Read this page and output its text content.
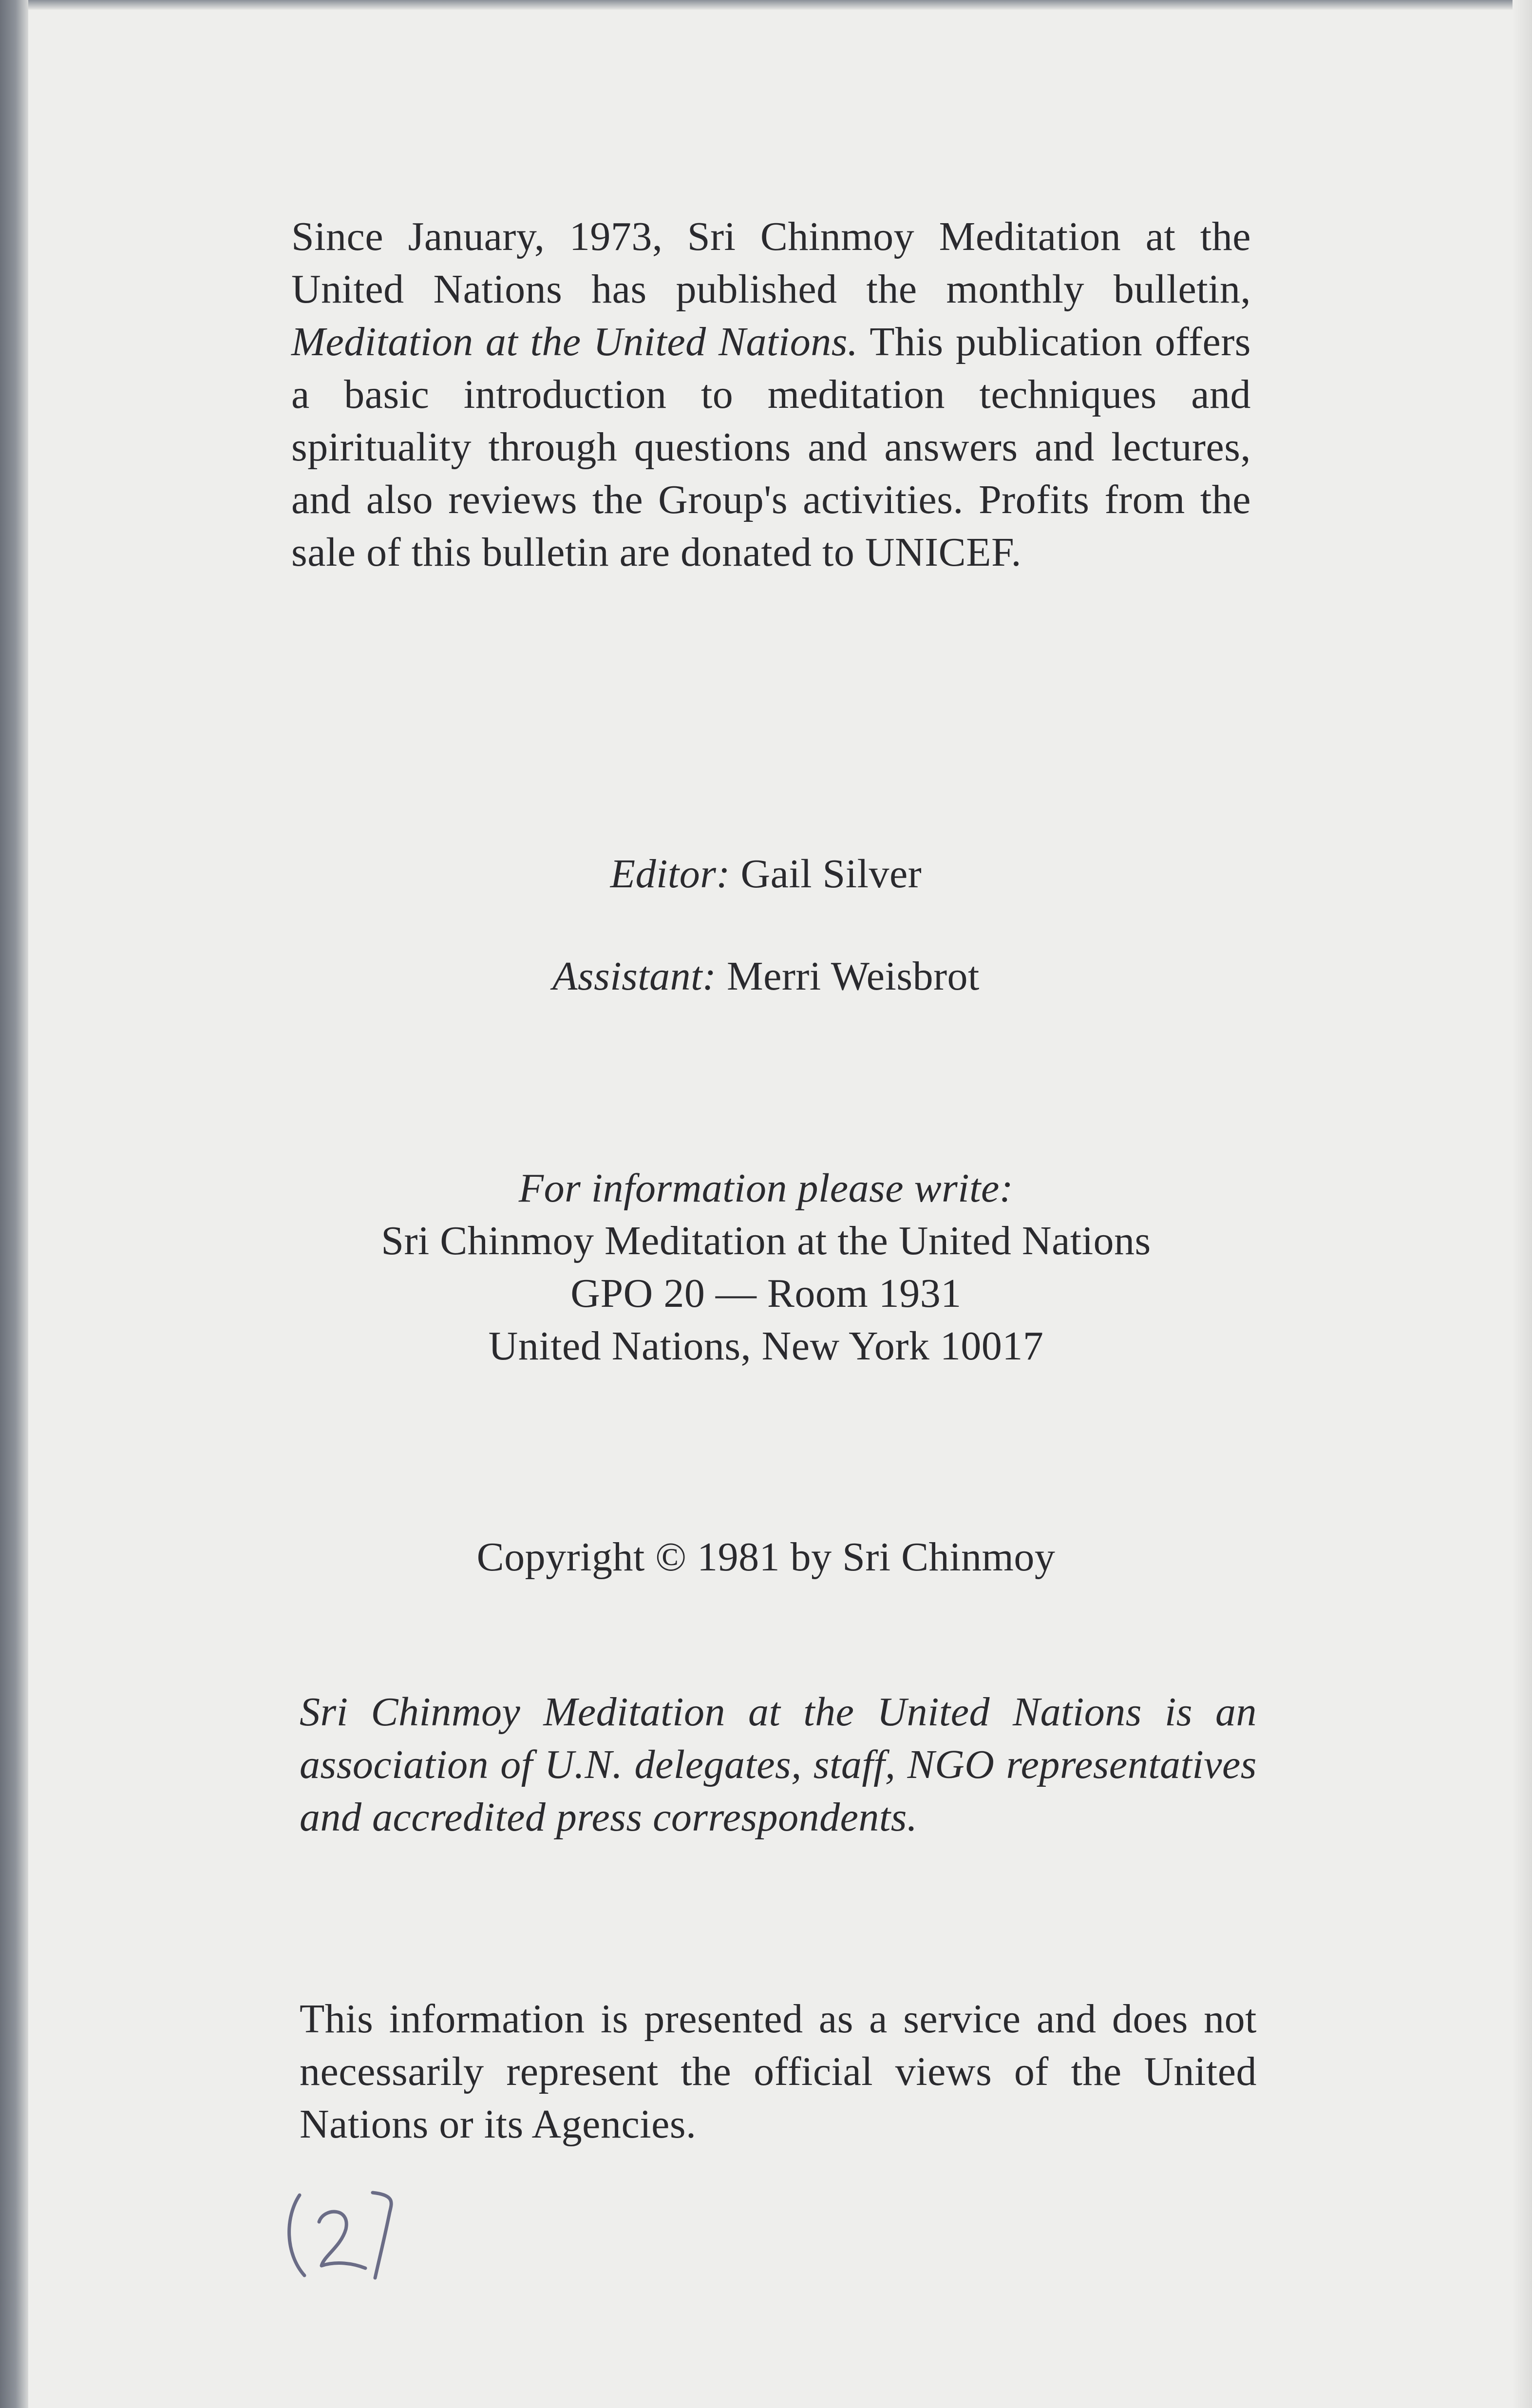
Since January, 1973, Sri Chinmoy Meditation at the United Nations has published the monthly bulletin, Meditation at the United Nations. This publication offers a basic introduction to meditation techniques and spirituality through questions and answers and lectures, and also reviews the Group's activities. Profits from the sale of this bulletin are donated to UNICEF.

Editor: Gail Silver
Assistant: Merri Weisbrot
For information please write:
Sri Chinmoy Meditation at the United Nations
GPO 20 — Room 1931
United Nations, New York 10017
Copyright © 1981 by Sri Chinmoy

Sri Chinmoy Meditation at the United Nations is an association of U.N. delegates, staff, NGO representatives and accredited press correspondents.

This information is presented as a service and does not necessarily represent the official views of the United Nations or its Agencies.
